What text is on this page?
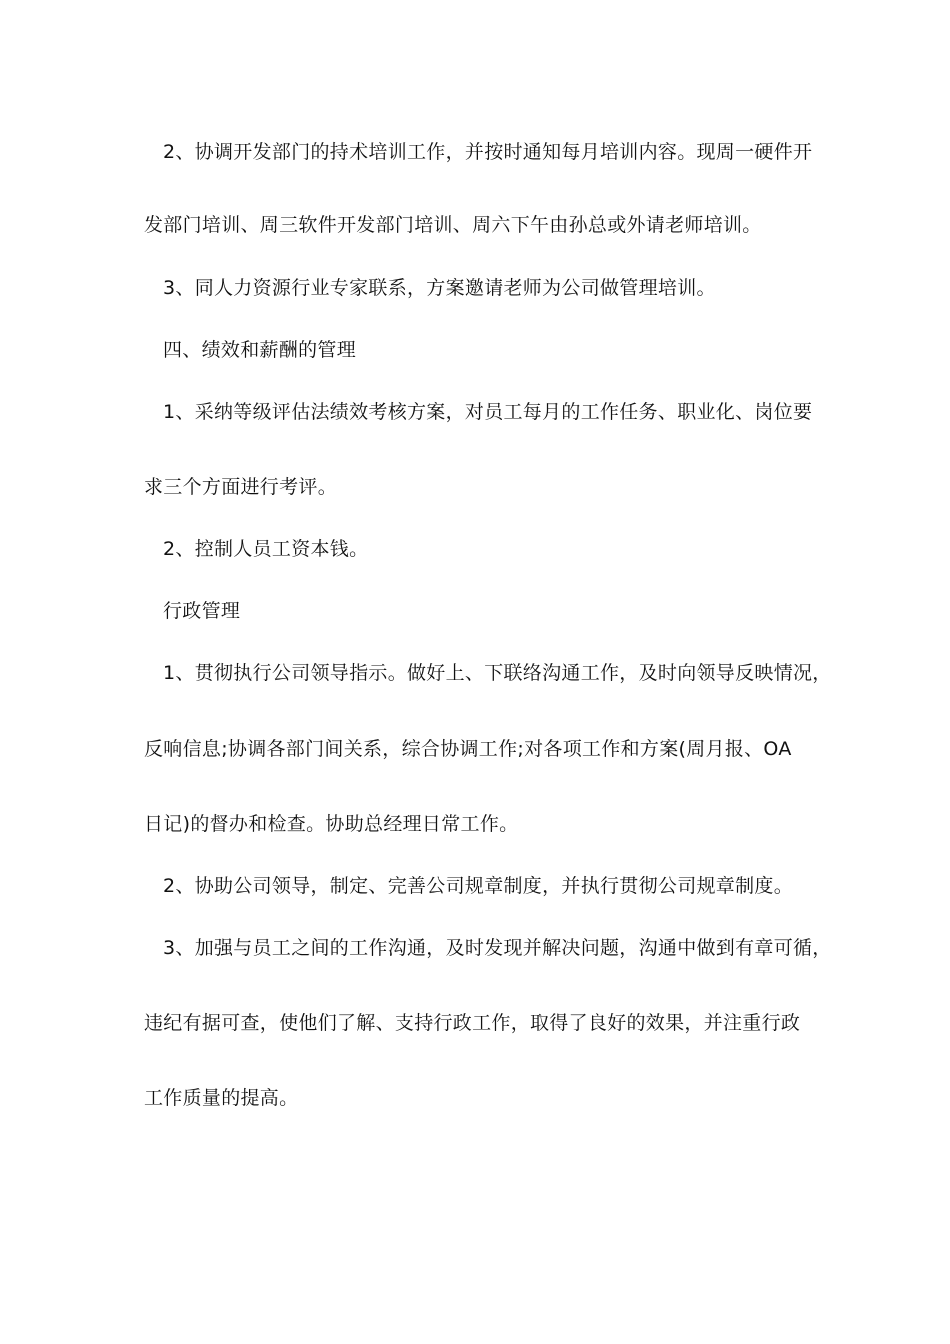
2、协调开发部门的持术培训工作，并按时通知每月培训内容。现周一硬件开
发部门培训、周三软件开发部门培训、周六下午由孙总或外请老师培训。
3、同人力资源行业专家联系，方案邀请老师为公司做管理培训。
四、绩效和薪酬的管理
1、采纳等级评估法绩效考核方案，对员工每月的工作任务、职业化、岗位要
求三个方面进行考评。
2、控制人员工资本钱。
行政管理
1、贯彻执行公司领导指示。做好上、下联络沟通工作，及时向领导反映情况，
反响信息;协调各部门间关系，综合协调工作;对各项工作和方案(周月报、OA
日记)的督办和检查。协助总经理日常工作。
2、协助公司领导，制定、完善公司规章制度，并执行贯彻公司规章制度。
3、加强与员工之间的工作沟通，及时发现并解决问题，沟通中做到有章可循，
违纪有据可查，使他们了解、支持行政工作，取得了良好的效果，并注重行政
工作质量的提高。
